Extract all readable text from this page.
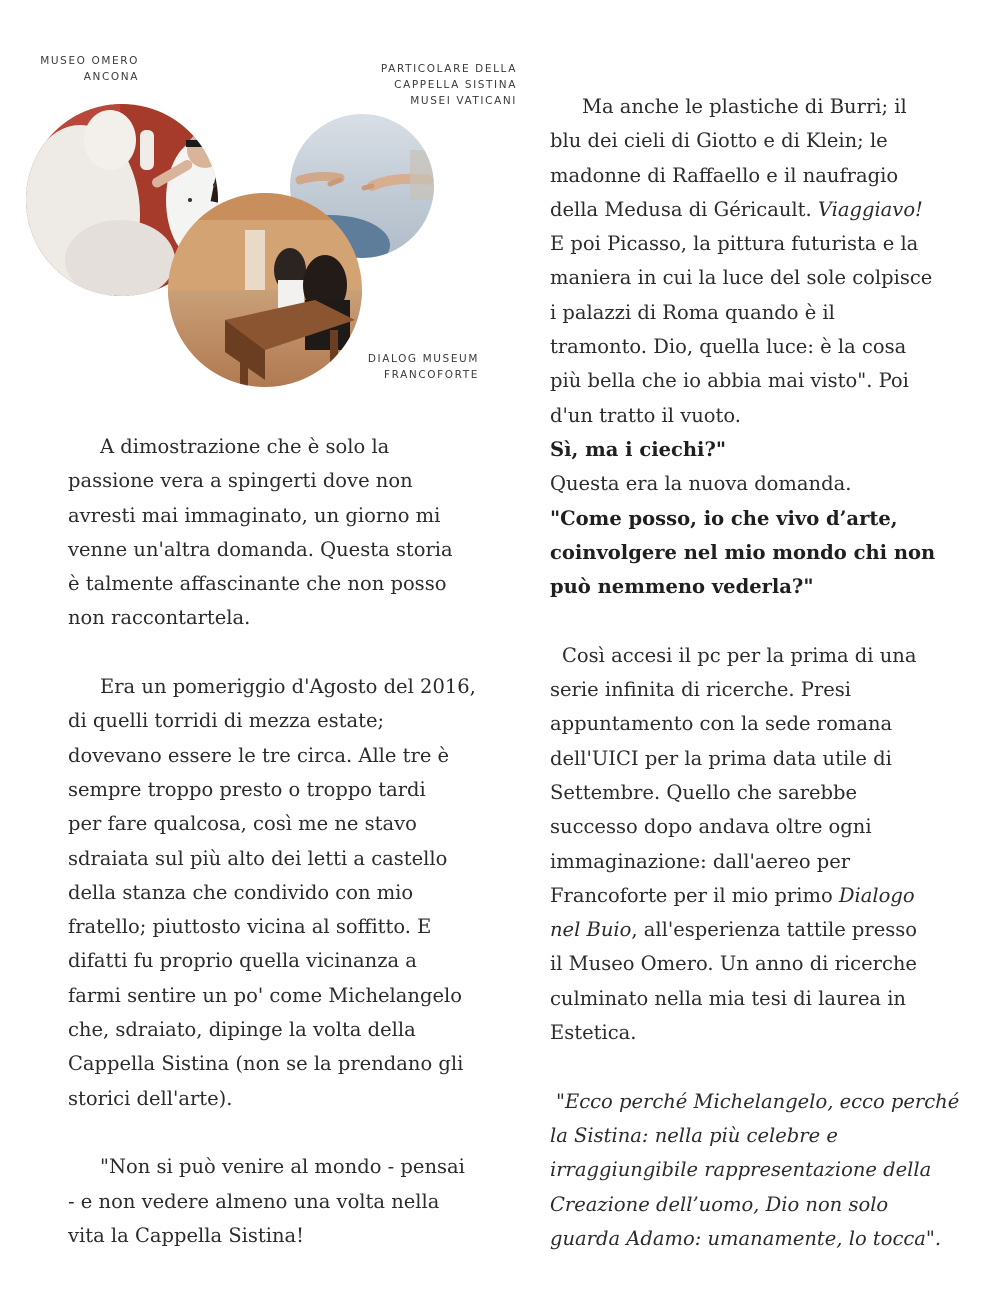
MUSEO OMERO
ANCONA
PARTICOLARE DELLA
CAPPELLA SISTINA
MUSEI VATICANI
DIALOG MUSEUM
FRANCOFORTE

A dimostrazione che è solo la
passione vera a spingerti dove non
avresti mai immaginato, un giorno mi
venne un'altra domanda. Questa storia
è talmente affascinante che non posso
non raccontartela.

Era un pomeriggio d'Agosto del 2016,
di quelli torridi di mezza estate;
dovevano essere le tre circa. Alle tre è
sempre troppo presto o troppo tardi
per fare qualcosa, così me ne stavo
sdraiata sul più alto dei letti a castello
della stanza che condivido con mio
fratello; piuttosto vicina al soffitto. E
difatti fu proprio quella vicinanza a
farmi sentire un po' come Michelangelo
che, sdraiato, dipinge la volta della
Cappella Sistina (non se la prendano gli
storici dell'arte).

"Non si può venire al mondo - pensai
- e non vedere almeno una volta nella
vita la Cappella Sistina!

Ma anche le plastiche di Burri; il
blu dei cieli di Giotto e di Klein; le
madonne di Raffaello e il naufragio
della Medusa di Géricault. Viaggiavo!
E poi Picasso, la pittura futurista e la
maniera in cui la luce del sole colpisce
i palazzi di Roma quando è il
tramonto. Dio, quella luce: è la cosa
più bella che io abbia mai visto". Poi
d'un tratto il vuoto.

Sì, ma i ciechi?"

Questa era la nuova domanda.

"Come posso, io che vivo d’arte,
coinvolgere nel mio mondo chi non
può nemmeno vederla?"

Così accesi il pc per la prima di una
serie infinita di ricerche. Presi
appuntamento con la sede romana
dell'UICI per la prima data utile di
Settembre. Quello che sarebbe
successo dopo andava oltre ogni
immaginazione: dall'aereo per
Francoforte per il mio primo Dialogo
nel Buio, all'esperienza tattile presso
il Museo Omero. Un anno di ricerche
culminato nella mia tesi di laurea in
Estetica.

"Ecco perché Michelangelo, ecco perché
la Sistina: nella più celebre e
irraggiungibile rappresentazione della
Creazione dell’uomo, Dio non solo
guarda Adamo: umanamente, lo tocca".
